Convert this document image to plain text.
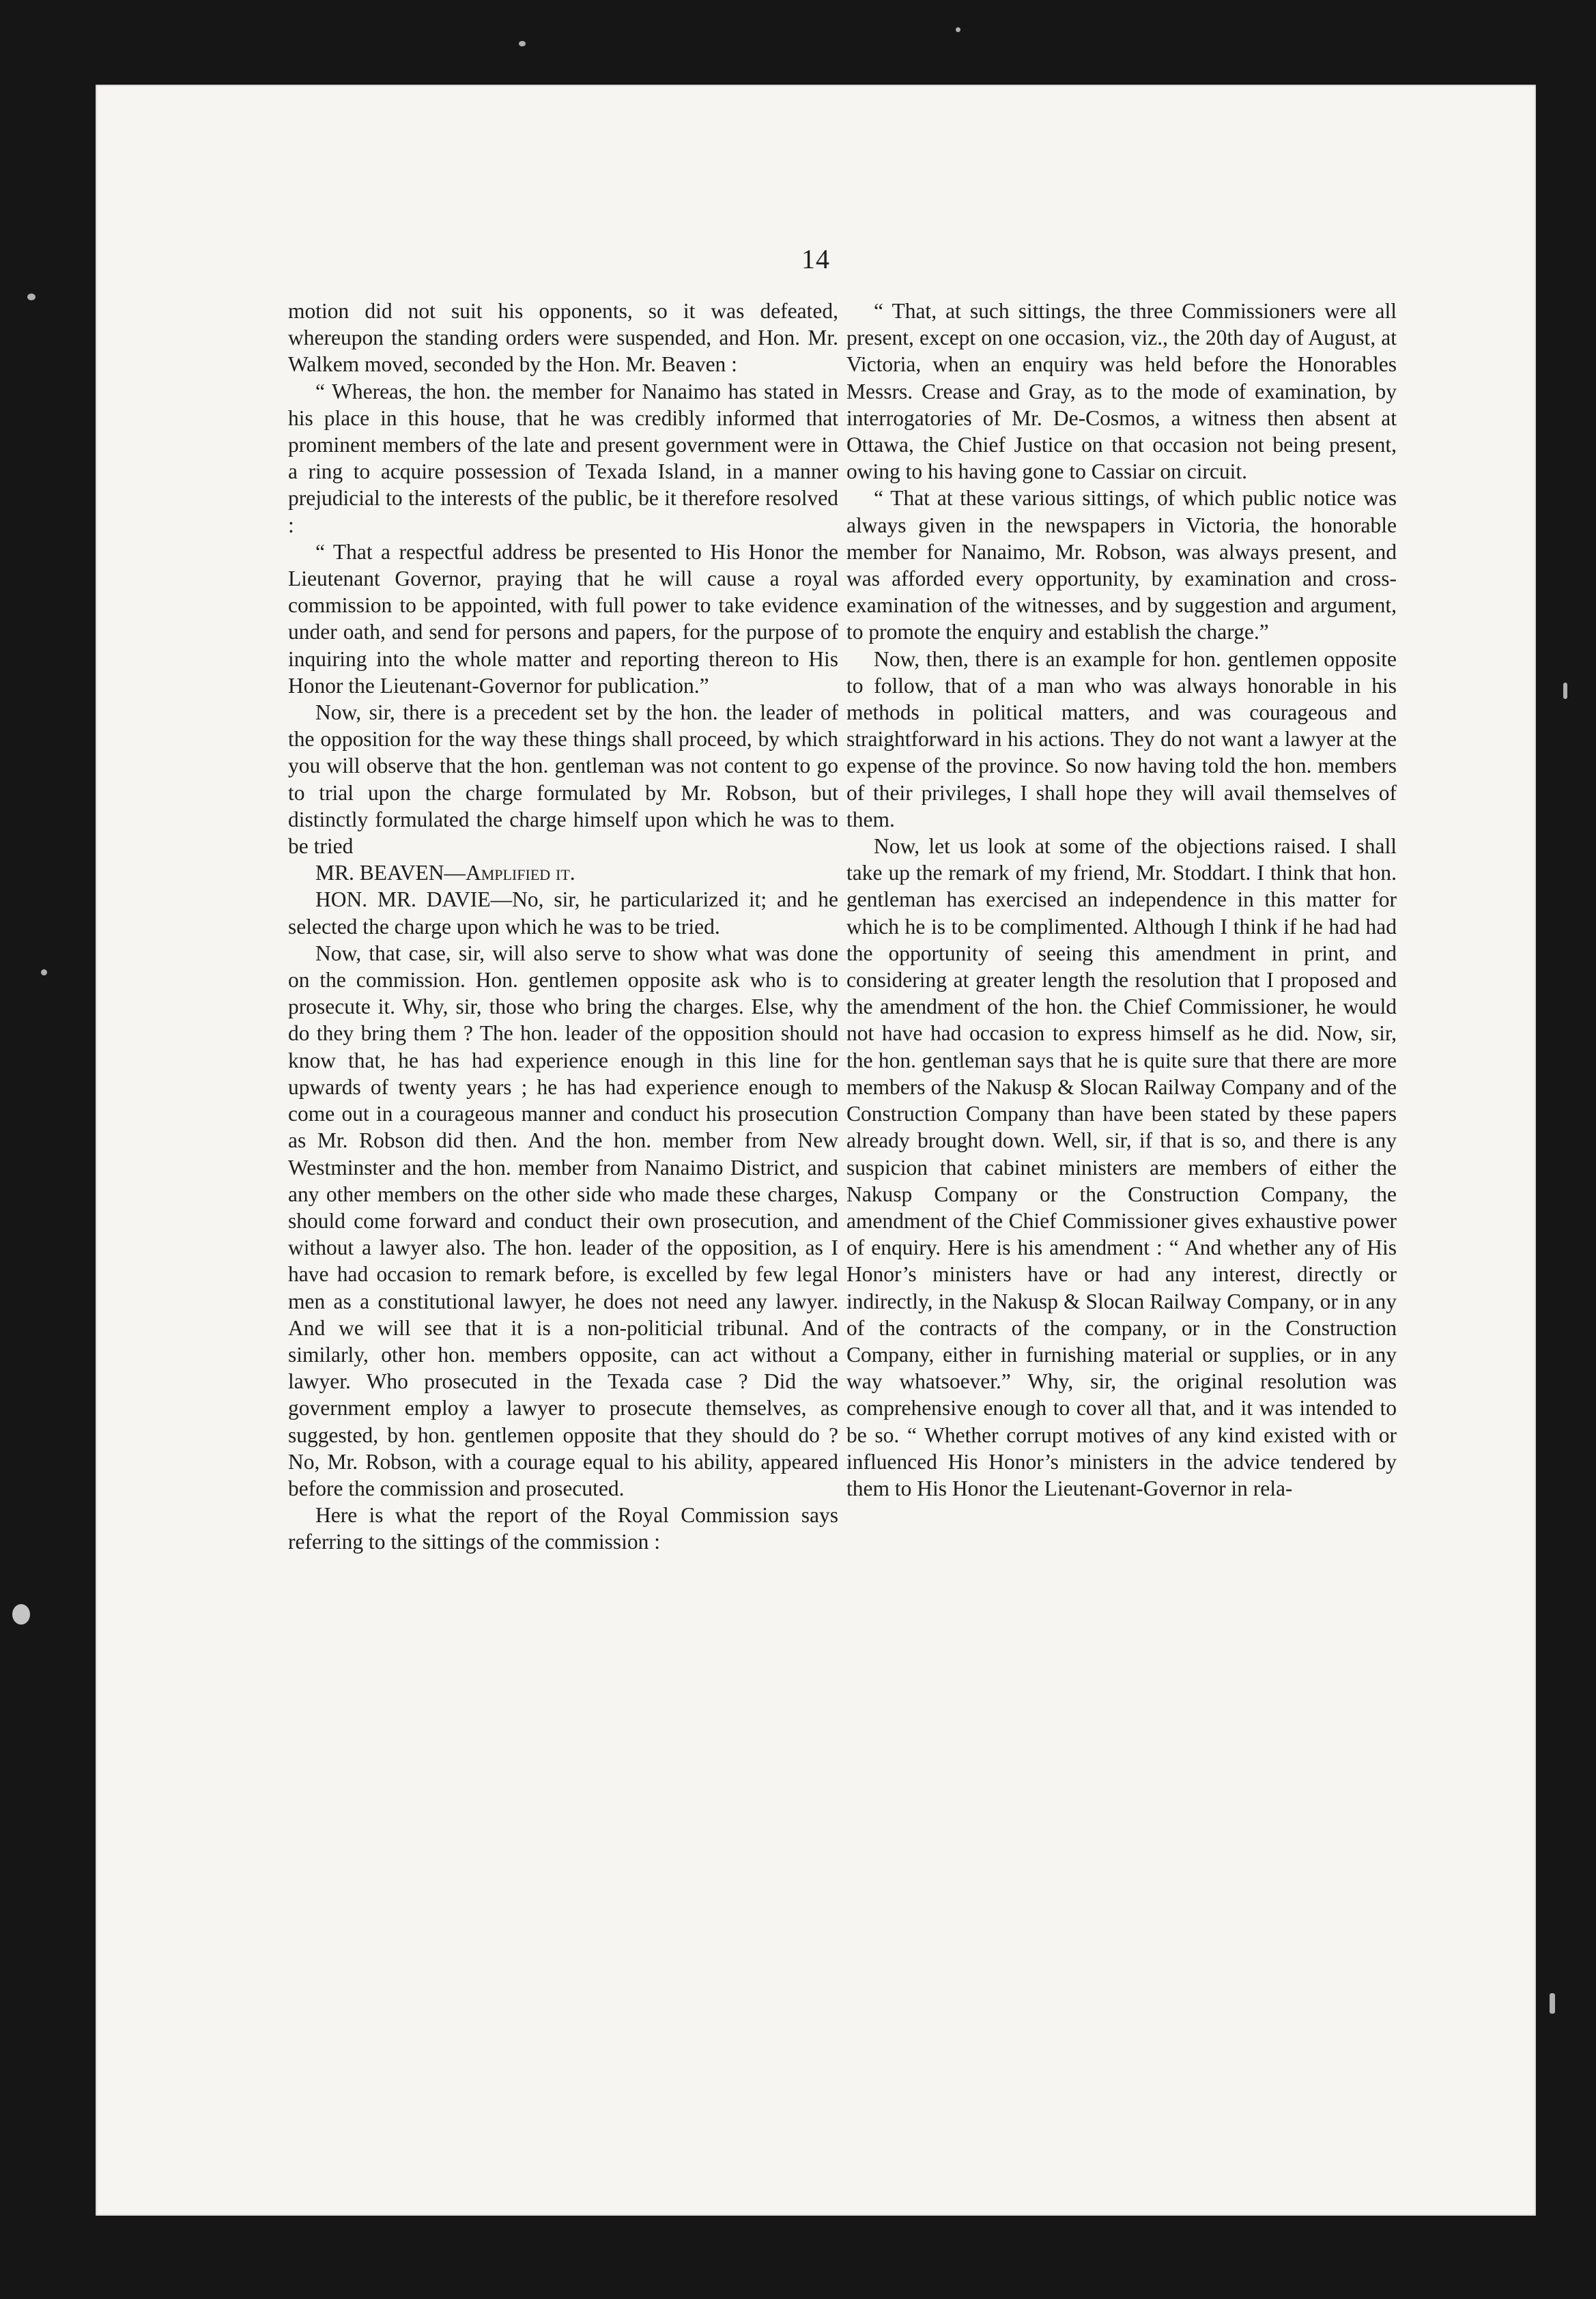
14

motion did not suit his opponents, so it was defeated, whereupon the standing orders were suspended, and Hon. Mr. Walkem moved, seconded by the Hon. Mr. Beaven :

“ Whereas, the hon. the member for Nanaimo has stated in his place in this house, that he was credibly informed that prominent members of the late and present government were in a ring to acquire possession of Texada Island, in a manner prejudicial to the interests of the public, be it therefore resolved :

“ That a respectful address be presented to His Honor the Lieutenant Governor, praying that he will cause a royal commission to be appointed, with full power to take evidence under oath, and send for persons and papers, for the purpose of inquiring into the whole matter and reporting thereon to His Honor the Lieutenant-Governor for publication.”

Now, sir, there is a precedent set by the hon. the leader of the opposition for the way these things shall proceed, by which you will observe that the hon. gentleman was not content to go to trial upon the charge formulated by Mr. Robson, but distinctly formulated the charge himself upon which he was to be tried

MR. BEAVEN—Amplified it.

HON. MR. DAVIE—No, sir, he particularized it; and he selected the charge upon which he was to be tried.

Now, that case, sir, will also serve to show what was done on the commission. Hon. gentlemen opposite ask who is to prosecute it. Why, sir, those who bring the charges. Else, why do they bring them ? The hon. leader of the opposition should know that, he has had experience enough in this line for upwards of twenty years ; he has had experience enough to come out in a courageous manner and conduct his prosecution as Mr. Robson did then. And the hon. member from New Westminster and the hon. member from Nanaimo District, and any other members on the other side who made these charges, should come forward and conduct their own prosecution, and without a lawyer also. The hon. leader of the opposition, as I have had occasion to remark before, is excelled by few legal men as a constitutional lawyer, he does not need any lawyer. And we will see that it is a non-politicial tribunal. And similarly, other hon. members opposite, can act without a lawyer. Who prosecuted in the Texada case ? Did the government employ a lawyer to prosecute themselves, as suggested, by hon. gentlemen opposite that they should do ? No, Mr. Robson, with a courage equal to his ability, appeared before the commission and prosecuted.

Here is what the report of the Royal Commission says referring to the sittings of the commission :

“ That, at such sittings, the three Commissioners were all present, except on one occasion, viz., the 20th day of August, at Victoria, when an enquiry was held before the Honorables Messrs. Crease and Gray, as to the mode of examination, by interrogatories of Mr. De-Cosmos, a witness then absent at Ottawa, the Chief Justice on that occasion not being present, owing to his having gone to Cassiar on circuit.

“ That at these various sittings, of which public notice was always given in the newspapers in Victoria, the honorable member for Nanaimo, Mr. Robson, was always present, and was afforded every opportunity, by examination and cross-examination of the witnesses, and by suggestion and argument, to promote the enquiry and establish the charge.”

Now, then, there is an example for hon. gentlemen opposite to follow, that of a man who was always honorable in his methods in political matters, and was courageous and straightforward in his actions. They do not want a lawyer at the expense of the province. So now having told the hon. members of their privileges, I shall hope they will avail themselves of them.

Now, let us look at some of the objections raised. I shall take up the remark of my friend, Mr. Stoddart. I think that hon. gentleman has exercised an independence in this matter for which he is to be complimented. Although I think if he had had the opportunity of seeing this amendment in print, and considering at greater length the resolution that I proposed and the amendment of the hon. the Chief Commissioner, he would not have had occasion to express himself as he did. Now, sir, the hon. gentleman says that he is quite sure that there are more members of the Nakusp & Slocan Railway Company and of the Construction Company than have been stated by these papers already brought down. Well, sir, if that is so, and there is any suspicion that cabinet ministers are members of either the Nakusp Company or the Construction Company, the amendment of the Chief Commissioner gives exhaustive power of enquiry. Here is his amendment : “ And whether any of His Honor’s ministers have or had any interest, directly or indirectly, in the Nakusp & Slocan Railway Company, or in any of the contracts of the company, or in the Construction Company, either in furnishing material or supplies, or in any way whatsoever.” Why, sir, the original resolution was comprehensive enough to cover all that, and it was intended to be so. “ Whether corrupt motives of any kind existed with or influenced His Honor’s ministers in the advice tendered by them to His Honor the Lieutenant-Governor in rela-
